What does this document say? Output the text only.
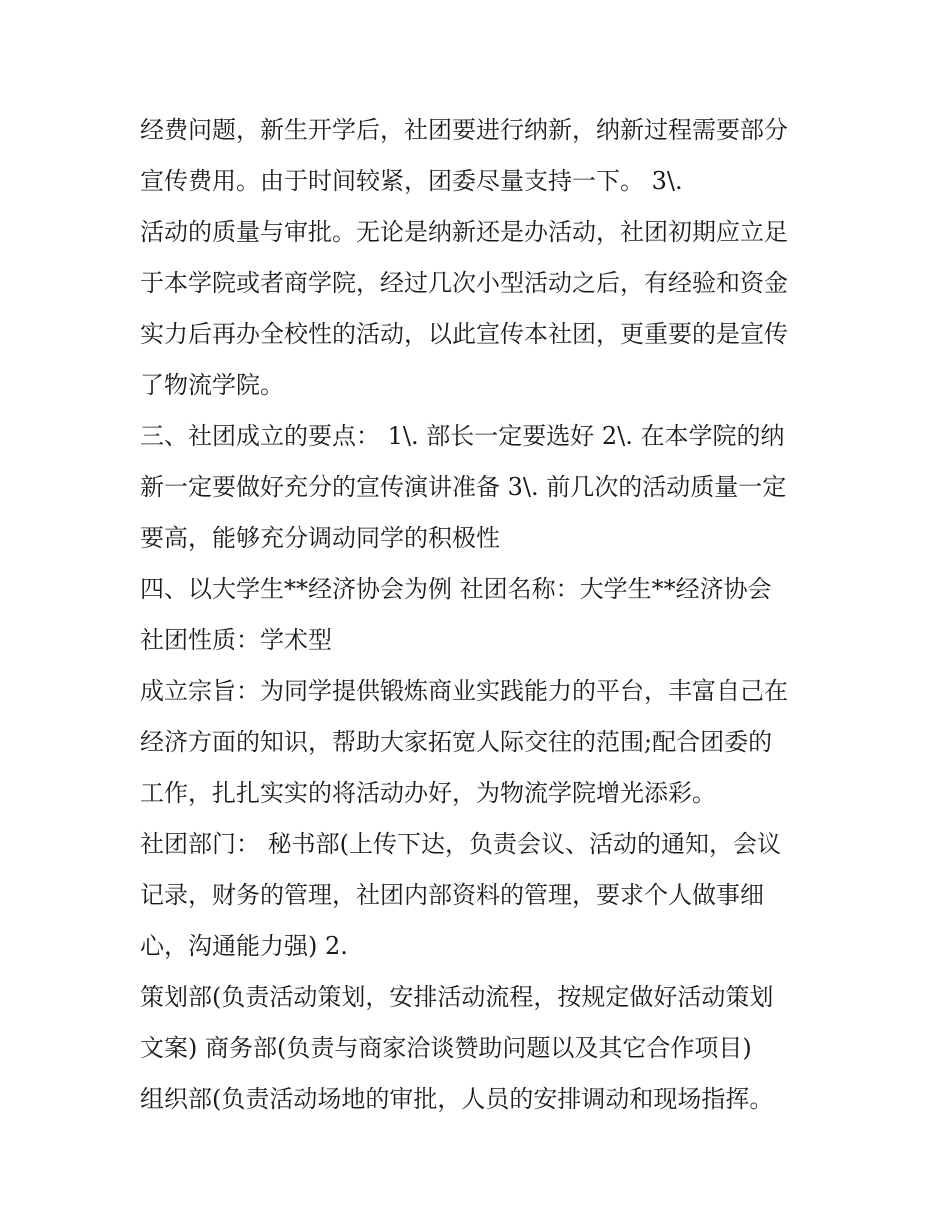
经费问题，新生开学后，社团要进行纳新，纳新过程需要部分
宣传费用。由于时间较紧，团委尽量支持一下。 3\.
活动的质量与审批。无论是纳新还是办活动，社团初期应立足
于本学院或者商学院，经过几次小型活动之后，有经验和资金
实力后再办全校性的活动，以此宣传本社团，更重要的是宣传
了物流学院。
三、社团成立的要点： 1\. 部长一定要选好 2\. 在本学院的纳
新一定要做好充分的宣传演讲准备 3\. 前几次的活动质量一定
要高，能够充分调动同学的积极性
四、以大学生**经济协会为例 社团名称：大学生**经济协会
社团性质：学术型
成立宗旨：为同学提供锻炼商业实践能力的平台，丰富自己在
经济方面的知识，帮助大家拓宽人际交往的范围;配合团委的
工作，扎扎实实的将活动办好，为物流学院增光添彩。
社团部门： 秘书部(上传下达，负责会议、活动的通知，会议
记录，财务的管理，社团内部资料的管理，要求个人做事细
心，沟通能力强) 2.
策划部(负责活动策划，安排活动流程，按规定做好活动策划
文案) 商务部(负责与商家洽谈赞助问题以及其它合作项目)
组织部(负责活动场地的审批，人员的安排调动和现场指挥。
